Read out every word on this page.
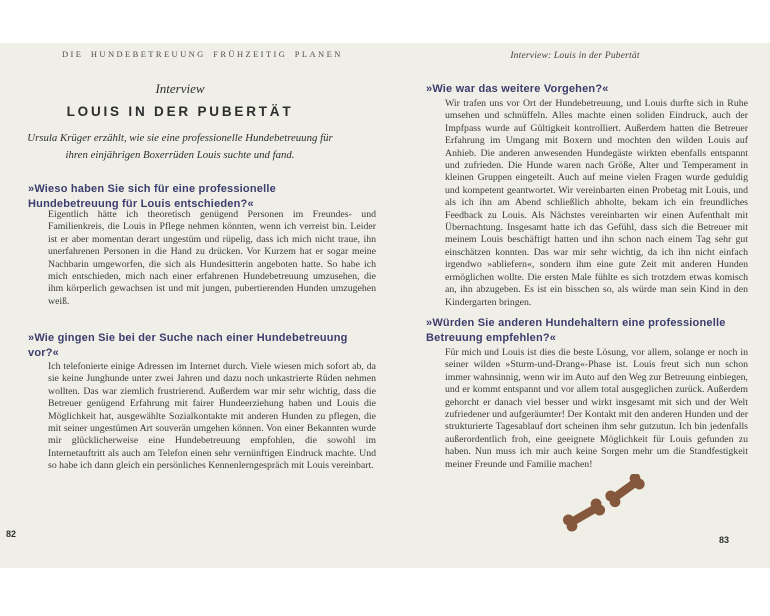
DIE HUNDEBETREUUNG FRÜHZEITIG PLANEN
Interview
LOUIS IN DER PUBERTÄT
Ursula Krüger erzählt, wie sie eine professionelle Hundebetreuung für ihren einjährigen Boxerrüden Louis suchte und fand.
»Wieso haben Sie sich für eine professionelle Hundebetreuung für Louis entschieden?«
Eigentlich hätte ich theoretisch genügend Personen im Freundes- und Familienkreis, die Louis in Pflege nehmen könnten, wenn ich verreist bin. Leider ist er aber momentan derart ungestüm und rüpelig, dass ich mich nicht traue, ihn unerfahrenen Personen in die Hand zu drücken. Vor Kurzem hat er sogar meine Nachbarin umgeworfen, die sich als Hundesitterin angeboten hatte. So habe ich mich entschieden, mich nach einer erfahrenen Hundebetreuung umzusehen, die ihm körperlich gewachsen ist und mit jungen, pubertierenden Hunden umzugehen weiß.
»Wie gingen Sie bei der Suche nach einer Hundebetreuung vor?«
Ich telefonierte einige Adressen im Internet durch. Viele wiesen mich sofort ab, da sie keine Junghunde unter zwei Jahren und dazu noch unkastrierte Rüden nehmen wollten. Das war ziemlich frustrierend. Außerdem war mir sehr wichtig, dass die Betreuer genügend Erfahrung mit fairer Hundeerziehung haben und Louis die Möglichkeit hat, ausgewählte Sozialkontakte mit anderen Hunden zu pflegen, die mit seiner ungestümen Art souverän umgehen können. Von einer Bekannten wurde mir glücklicherweise eine Hundebetreuung empfohlen, die sowohl im Internetauftritt als auch am Telefon einen sehr vernünftigen Eindruck machte. Und so habe ich dann gleich ein persönliches Kennenlerngespräch mit Louis vereinbart.
82
Interview: Louis in der Pubertät
»Wie war das weitere Vorgehen?«
Wir trafen uns vor Ort der Hundebetreuung, und Louis durfte sich in Ruhe umsehen und schnüffeln. Alles machte einen soliden Eindruck, auch der Impfpass wurde auf Gültigkeit kontrolliert. Außerdem hatten die Betreuer Erfahrung im Umgang mit Boxern und mochten den wilden Louis auf Anhieb. Die anderen anwesenden Hundegäste wirkten ebenfalls entspannt und zufrieden. Die Hunde waren nach Größe, Alter und Temperament in kleinen Gruppen eingeteilt. Auch auf meine vielen Fragen wurde geduldig und kompetent geantwortet. Wir vereinbarten einen Probetag mit Louis, und als ich ihn am Abend schließlich abholte, bekam ich ein freundliches Feedback zu Louis. Als Nächstes vereinbarten wir einen Aufenthalt mit Übernachtung. Insgesamt hatte ich das Gefühl, dass sich die Betreuer mit meinem Louis beschäftigt hatten und ihn schon nach einem Tag sehr gut einschätzen konnten. Das war mir sehr wichtig, da ich ihn nicht einfach irgendwo »abliefern«, sondern ihm eine gute Zeit mit anderen Hunden ermöglichen wollte. Die ersten Male fühlte es sich trotzdem etwas komisch an, ihn abzugeben. Es ist ein bisschen so, als würde man sein Kind in den Kindergarten bringen.
»Würden Sie anderen Hundehaltern eine professionelle Betreuung empfehlen?«
Für mich und Louis ist dies die beste Lösung, vor allem, solange er noch in seiner wilden »Sturm-und-Drang«-Phase ist. Louis freut sich nun schon immer wahnsinnig, wenn wir im Auto auf den Weg zur Betreuung einbiegen, und er kommt entspannt und vor allem total ausgeglichen zurück. Außerdem gehorcht er danach viel besser und wirkt insgesamt mit sich und der Welt zufriedener und aufgeräumter! Der Kontakt mit den anderen Hunden und der strukturierte Tagesablauf dort scheinen ihm sehr gutzutun. Ich bin jedenfalls außerordentlich froh, eine geeignete Möglichkeit für Louis gefunden zu haben. Nun muss ich mir auch keine Sorgen mehr um die Standfestigkeit meiner Freunde und Familie machen!
83
